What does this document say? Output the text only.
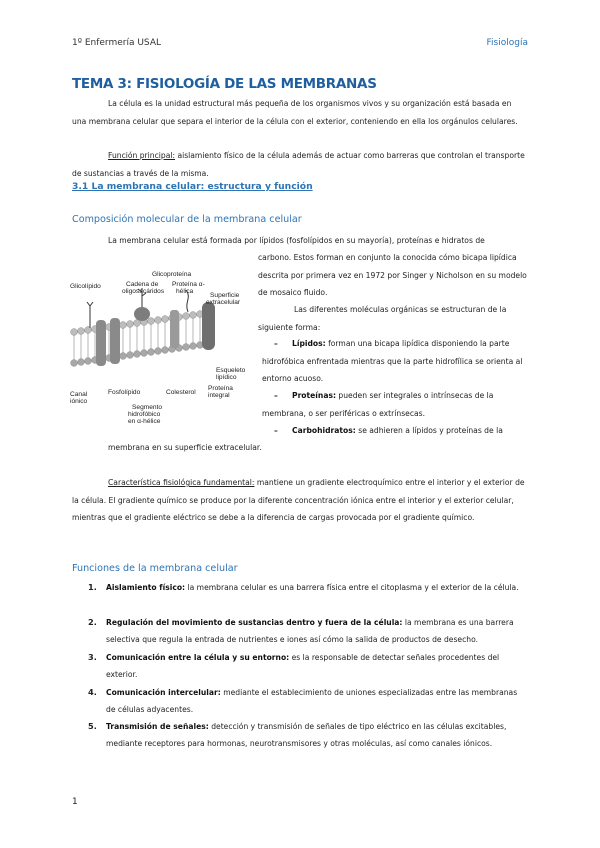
1º Enfermería USAL	Fisiología
TEMA 3: FISIOLOGÍA DE LAS MEMBRANAS
La célula es la unidad estructural más pequeña de los organismos vivos y su organización está basada en una membrana celular que separa el interior de la célula con el exterior, conteniendo en ella los orgánulos celulares.
Función principal: aislamiento físico de la célula además de actuar como barreras que controlan el transporte de sustancias a través de la misma.
3.1 La membrana celular: estructura y función
Composición molecular de la membrana celular
La membrana celular está formada por lípidos (fosfolípidos en su mayoría), proteínas e hidratos de
carbono. Estos forman en conjunto la conocida cómo bicapa lipídica descrita por primera vez en 1972 por Singer y Nicholson en su modelo de mosaico fluido.
Las diferentes moléculas orgánicas se estructuran de la siguiente forma:
Glicoproteína
Glicolípido	Cadena de
oligosacáridos
Proteína α-
hélica
Superficie
extracelular
Esqueleto
lipídico
Canal
iónico
Fosfolípido	Colesterol
Proteína
integral
Segmento
hidrofóbico
en α-hélice
– Lípidos: forman una bicapa lipídica disponiendo la parte hidrofóbica enfrentada mientras que la parte hidrofílica se orienta al entorno acuoso.
– Proteínas: pueden ser integrales o intrínsecas de la membrana, o ser periféricas o extrínsecas.
– Carbohidratos: se adhieren a lípidos y proteínas de la
membrana en su superficie extracelular.
Característica fisiológica fundamental: mantiene un gradiente electroquímico entre el interior y el exterior de la célula. El gradiente químico se produce por la diferente concentración iónica entre el interior y el exterior celular, mientras que el gradiente eléctrico se debe a la diferencia de cargas provocada por el gradiente químico.
Funciones de la membrana celular
1. Aislamiento físico: la membrana celular es una barrera física entre el citoplasma y el exterior de la célula.
2. Regulación del movimiento de sustancias dentro y fuera de la célula: la membrana es una barrera selectiva que regula la entrada de nutrientes e iones así cómo la salida de productos de desecho.
3. Comunicación entre la célula y su entorno: es la responsable de detectar señales procedentes del exterior.
4. Comunicación intercelular: mediante el establecimiento de uniones especializadas entre las membranas de células adyacentes.
5. Transmisión de señales: detección y transmisión de señales de tipo eléctrico en las células excitables, mediante receptores para hormonas, neurotransmisores y otras moléculas, así como canales iónicos.
1
